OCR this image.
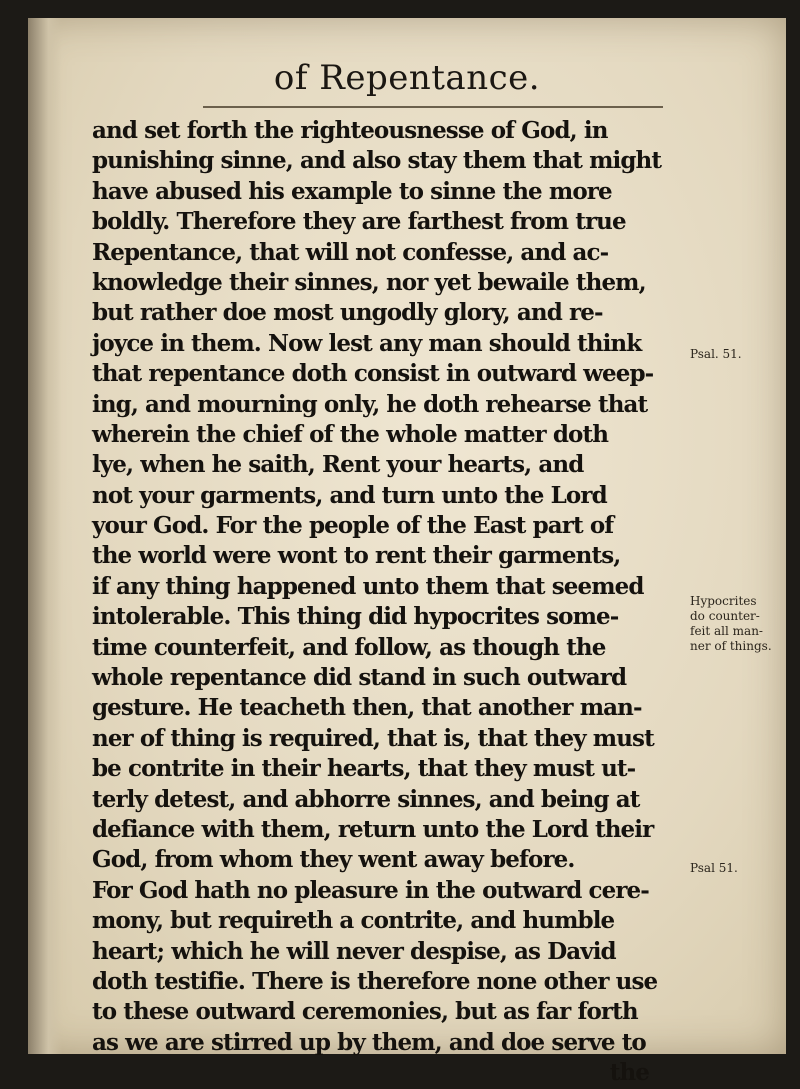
of Repentance.
and set forth the righteousnesse of God, in
punishing sinne, and also stay them that might
have abused his example to sinne the more
boldly. Therefore they are farthest from true
Repentance, that will not confesse, and ac-
knowledge their sinnes, nor yet bewaile them,
but rather doe most ungodly glory, and re-
joyce in them. Now lest any man should think
that repentance doth consist in outward weep-
ing, and mourning only, he doth rehearse that
wherein the chief of the whole matter doth
lye, when he saith, Rent your hearts, and
not your garments, and turn unto the Lord
your God. For the people of the East part of
the world were wont to rent their garments,
if any thing happened unto them that seemed
intolerable. This thing did hypocrites some-
time counterfeit, and follow, as though the
whole repentance did stand in such outward
gesture. He teacheth then, that another man-
ner of thing is required, that is, that they must
be contrite in their hearts, that they must ut-
terly detest, and abhorre sinnes, and being at
defiance with them, return unto the Lord their
God, from whom they went away before.
For God hath no pleasure in the outward cere-
mony, but requireth a contrite, and humble
heart; which he will never despise, as David
doth testifie. There is therefore none other use
to these outward ceremonies, but as far forth
as we are stirred up by them, and doe serve to
the
Psal. 51.
Hypocrites
do counter-
feit all man-
ner of things.
Psal 51.
